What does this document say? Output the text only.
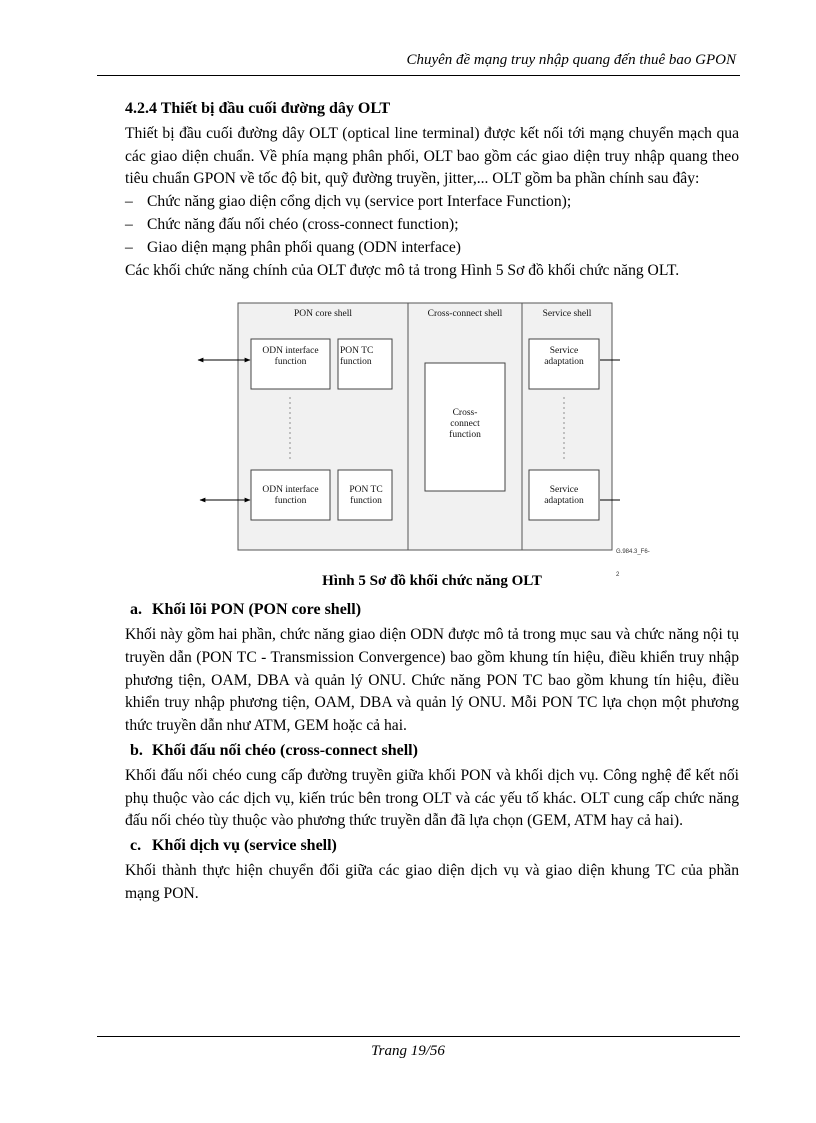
Chuyên đề mạng truy nhập quang đến thuê bao GPON
4.2.4 Thiết bị đầu cuối đường dây OLT

Thiết bị đầu cuối đường dây OLT (optical line terminal) được kết nối tới mạng chuyển mạch qua các giao diện chuẩn. Về phía mạng phân phối, OLT bao gồm các giao diện truy nhập quang theo tiêu chuẩn GPON về tốc độ bit, quỹ đường truyền, jitter,... OLT gồm ba phần chính sau đây:

– Chức năng giao diện cổng dịch vụ (service port Interface Function);
– Chức năng đấu nối chéo (cross-connect function);
– Giao diện mạng phân phối quang (ODN interface)

Các khối chức năng chính của OLT được mô tả trong Hình 5 Sơ đồ khối chức năng OLT.

PON core shell	Cross-connect shell	Service shell
ODN interface function
PON TC function
Service adaptation
Cross- connect function
ODN interface function
PON TC function
Service adaptation
G.984.3_F6-2
Hình 5 Sơ đồ khối chức năng OLT
a. Khối lõi PON (PON core shell)

Khối này gồm hai phần, chức năng giao diện ODN được mô tả trong mục sau và chức năng nội tụ truyền dẫn (PON TC - Transmission Convergence) bao gồm khung tín hiệu, điều khiển truy nhập phương tiện, OAM, DBA và quản lý ONU. Chức năng PON TC bao gồm khung tín hiệu, điều khiển truy nhập phương tiện, OAM, DBA và quản lý ONU. Mỗi PON TC lựa chọn một phương thức truyền dẫn như ATM, GEM hoặc cả hai.

b. Khối đấu nối chéo (cross-connect shell)

Khối đấu nối chéo cung cấp đường truyền giữa khối PON và khối dịch vụ. Công nghệ để kết nối phụ thuộc vào các dịch vụ, kiến trúc bên trong OLT và các yếu tố khác. OLT cung cấp chức năng đấu nối chéo tùy thuộc vào phương thức truyền dẫn đã lựa chọn (GEM, ATM hay cả hai).

c. Khối dịch vụ (service shell)

Khối thành thực hiện chuyển đổi giữa các giao diện dịch vụ và giao diện khung TC của phần mạng PON.

Trang 19/56
